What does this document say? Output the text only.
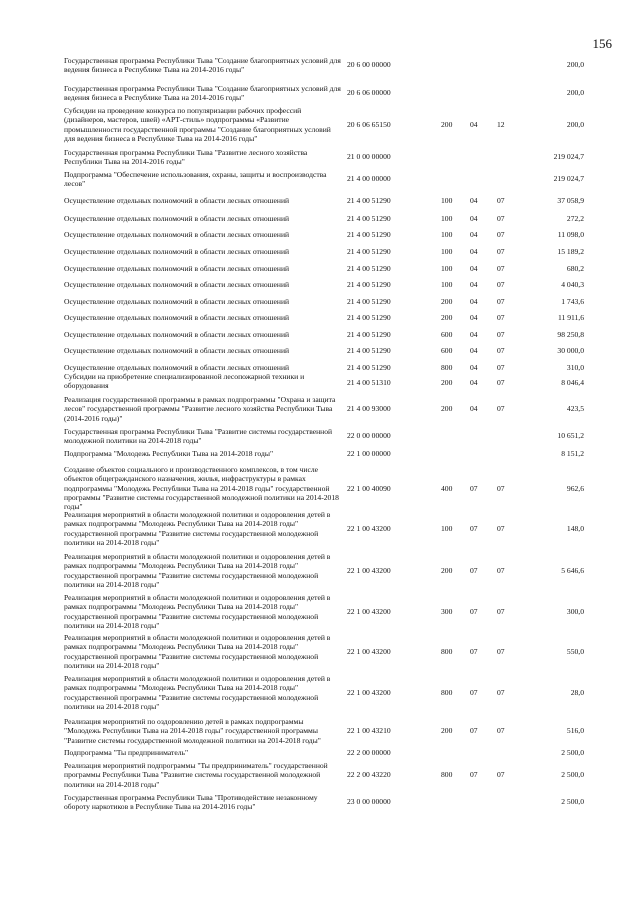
156
Государственная программа Республики Тыва "Создание благоприятных условий для ведения бизнеса в Республике Тыва на 2014-2016 годы"
20 6 00 00000	200,0
Государственная программа Республики Тыва "Создание благоприятных условий для ведения бизнеса в Республике Тыва на 2014-2016 годы"
20 6 06 00000	200,0
Субсидии на проведение конкурса по популяризации рабочих профессий (дизайнеров, мастеров, швей) «АРТ-стиль» подпрограммы «Развитие промышленности государственной программы "Создание благоприятных условий для ведения бизнеса в Республике Тыва на 2014-2016 годы"
20 6 06 65150	200	04	12	200,0
Государственная программа Республики Тыва "Развитие лесного хозяйства Республики Тыва на 2014-2016 годы"
21 0 00 00000	219 024,7
Подпрограмма "Обеспечение использования, охраны, защиты и воспроизводства лесов"
21 4 00 00000	219 024,7
Осуществление отдельных полномочий в области лесных отношений	21 4 00 51290	100	04	07	37 058,9
Осуществление отдельных полномочий в области лесных отношений	21 4 00 51290	100	04	07	272,2
Осуществление отдельных полномочий в области лесных отношений	21 4 00 51290	100	04	07	11 098,0
Осуществление отдельных полномочий в области лесных отношений	21 4 00 51290	100	04	07	15 189,2
Осуществление отдельных полномочий в области лесных отношений	21 4 00 51290	100	04	07	680,2
Осуществление отдельных полномочий в области лесных отношений	21 4 00 51290	100	04	07	4 040,3
Осуществление отдельных полномочий в области лесных отношений	21 4 00 51290	200	04	07	1 743,6
Осуществление отдельных полномочий в области лесных отношений	21 4 00 51290	200	04	07	11 911,6
Осуществление отдельных полномочий в области лесных отношений	21 4 00 51290	600	04	07	98 250,8
Осуществление отдельных полномочий в области лесных отношений	21 4 00 51290	600	04	07	30 000,0
Осуществление отдельных полномочий в области лесных отношений	21 4 00 51290	800	04	07	310,0
Субсидии на приобретение специализированной лесопожарной техники и оборудования	21 4 00 51310	200	04	07	8 046,4
Реализация государственной программы в рамках подпрограммы "Охрана и защита лесов" государственной программы "Развитие лесного хозяйства Республики Тыва (2014-2016 годы)"
21 4 00 93000	200	04	07	423,5
Государственная программа Республики Тыва "Развитие системы государственной молодежной политики на 2014-2018 годы"
22 0 00 00000	10 651,2
Подпрограмма "Молодежь Республики Тыва на 2014-2018 годы"	22 1 00 00000	8 151,2
Создание объектов социального и производственного комплексов, в том числе объектов общегражданского назначения, жилья, инфраструктуры в рамках подпрограммы "Молодежь Республики Тыва на 2014-2018 годы" государственной программы "Развитие системы государственной молодежной политики на 2014-2018 годы"
22 1 00 40090	400	07	07	962,6
Реализация мероприятий в области молодежной политики и оздоровления детей в рамках подпрограммы "Молодежь Республики Тыва на 2014-2018 годы" государственной программы "Развитие системы государственной молодежной политики на 2014-2018 годы"
22 1 00 43200	100	07	07	148,0
Реализация мероприятий в области молодежной политики и оздоровления детей в рамках подпрограммы "Молодежь Республики Тыва на 2014-2018 годы" государственной программы "Развитие системы государственной молодежной политики на 2014-2018 годы"
22 1 00 43200	200	07	07	5 646,6
Реализация мероприятий в области молодежной политики и оздоровления детей в рамках подпрограммы "Молодежь Республики Тыва на 2014-2018 годы" государственной программы "Развитие системы государственной молодежной политики на 2014-2018 годы"
22 1 00 43200	300	07	07	300,0
Реализация мероприятий в области молодежной политики и оздоровления детей в рамках подпрограммы "Молодежь Республики Тыва на 2014-2018 годы" государственной программы "Развитие системы государственной молодежной политики на 2014-2018 годы"
22 1 00 43200	800	07	07	550,0
Реализация мероприятий в области молодежной политики и оздоровления детей в рамках подпрограммы "Молодежь Республики Тыва на 2014-2018 годы" государственной программы "Развитие системы государственной молодежной политики на 2014-2018 годы"
22 1 00 43200	800	07	07	28,0
Реализация мероприятий по оздоровлению детей в рамках подпрограммы "Молодежь Республики Тыва на 2014-2018 годы" государственной программы "Развитие системы государственной молодежной политики на 2014-2018 годы"
22 1 00 43210	200	07	07	516,0
Подпрограмма "Ты предприниматель"	22 2 00 00000	2 500,0
Реализация мероприятий подпрограммы "Ты предприниматель" государственной программы Республики Тыва "Развитие системы государственной молодежной политики на 2014-2018 годы"
22 2 00 43220	800	07	07	2 500,0
Государственная программа Республики Тыва "Противодействие незаконному обороту наркотиков в Республике Тыва на 2014-2016 годы"
23 0 00 00000	2 500,0
